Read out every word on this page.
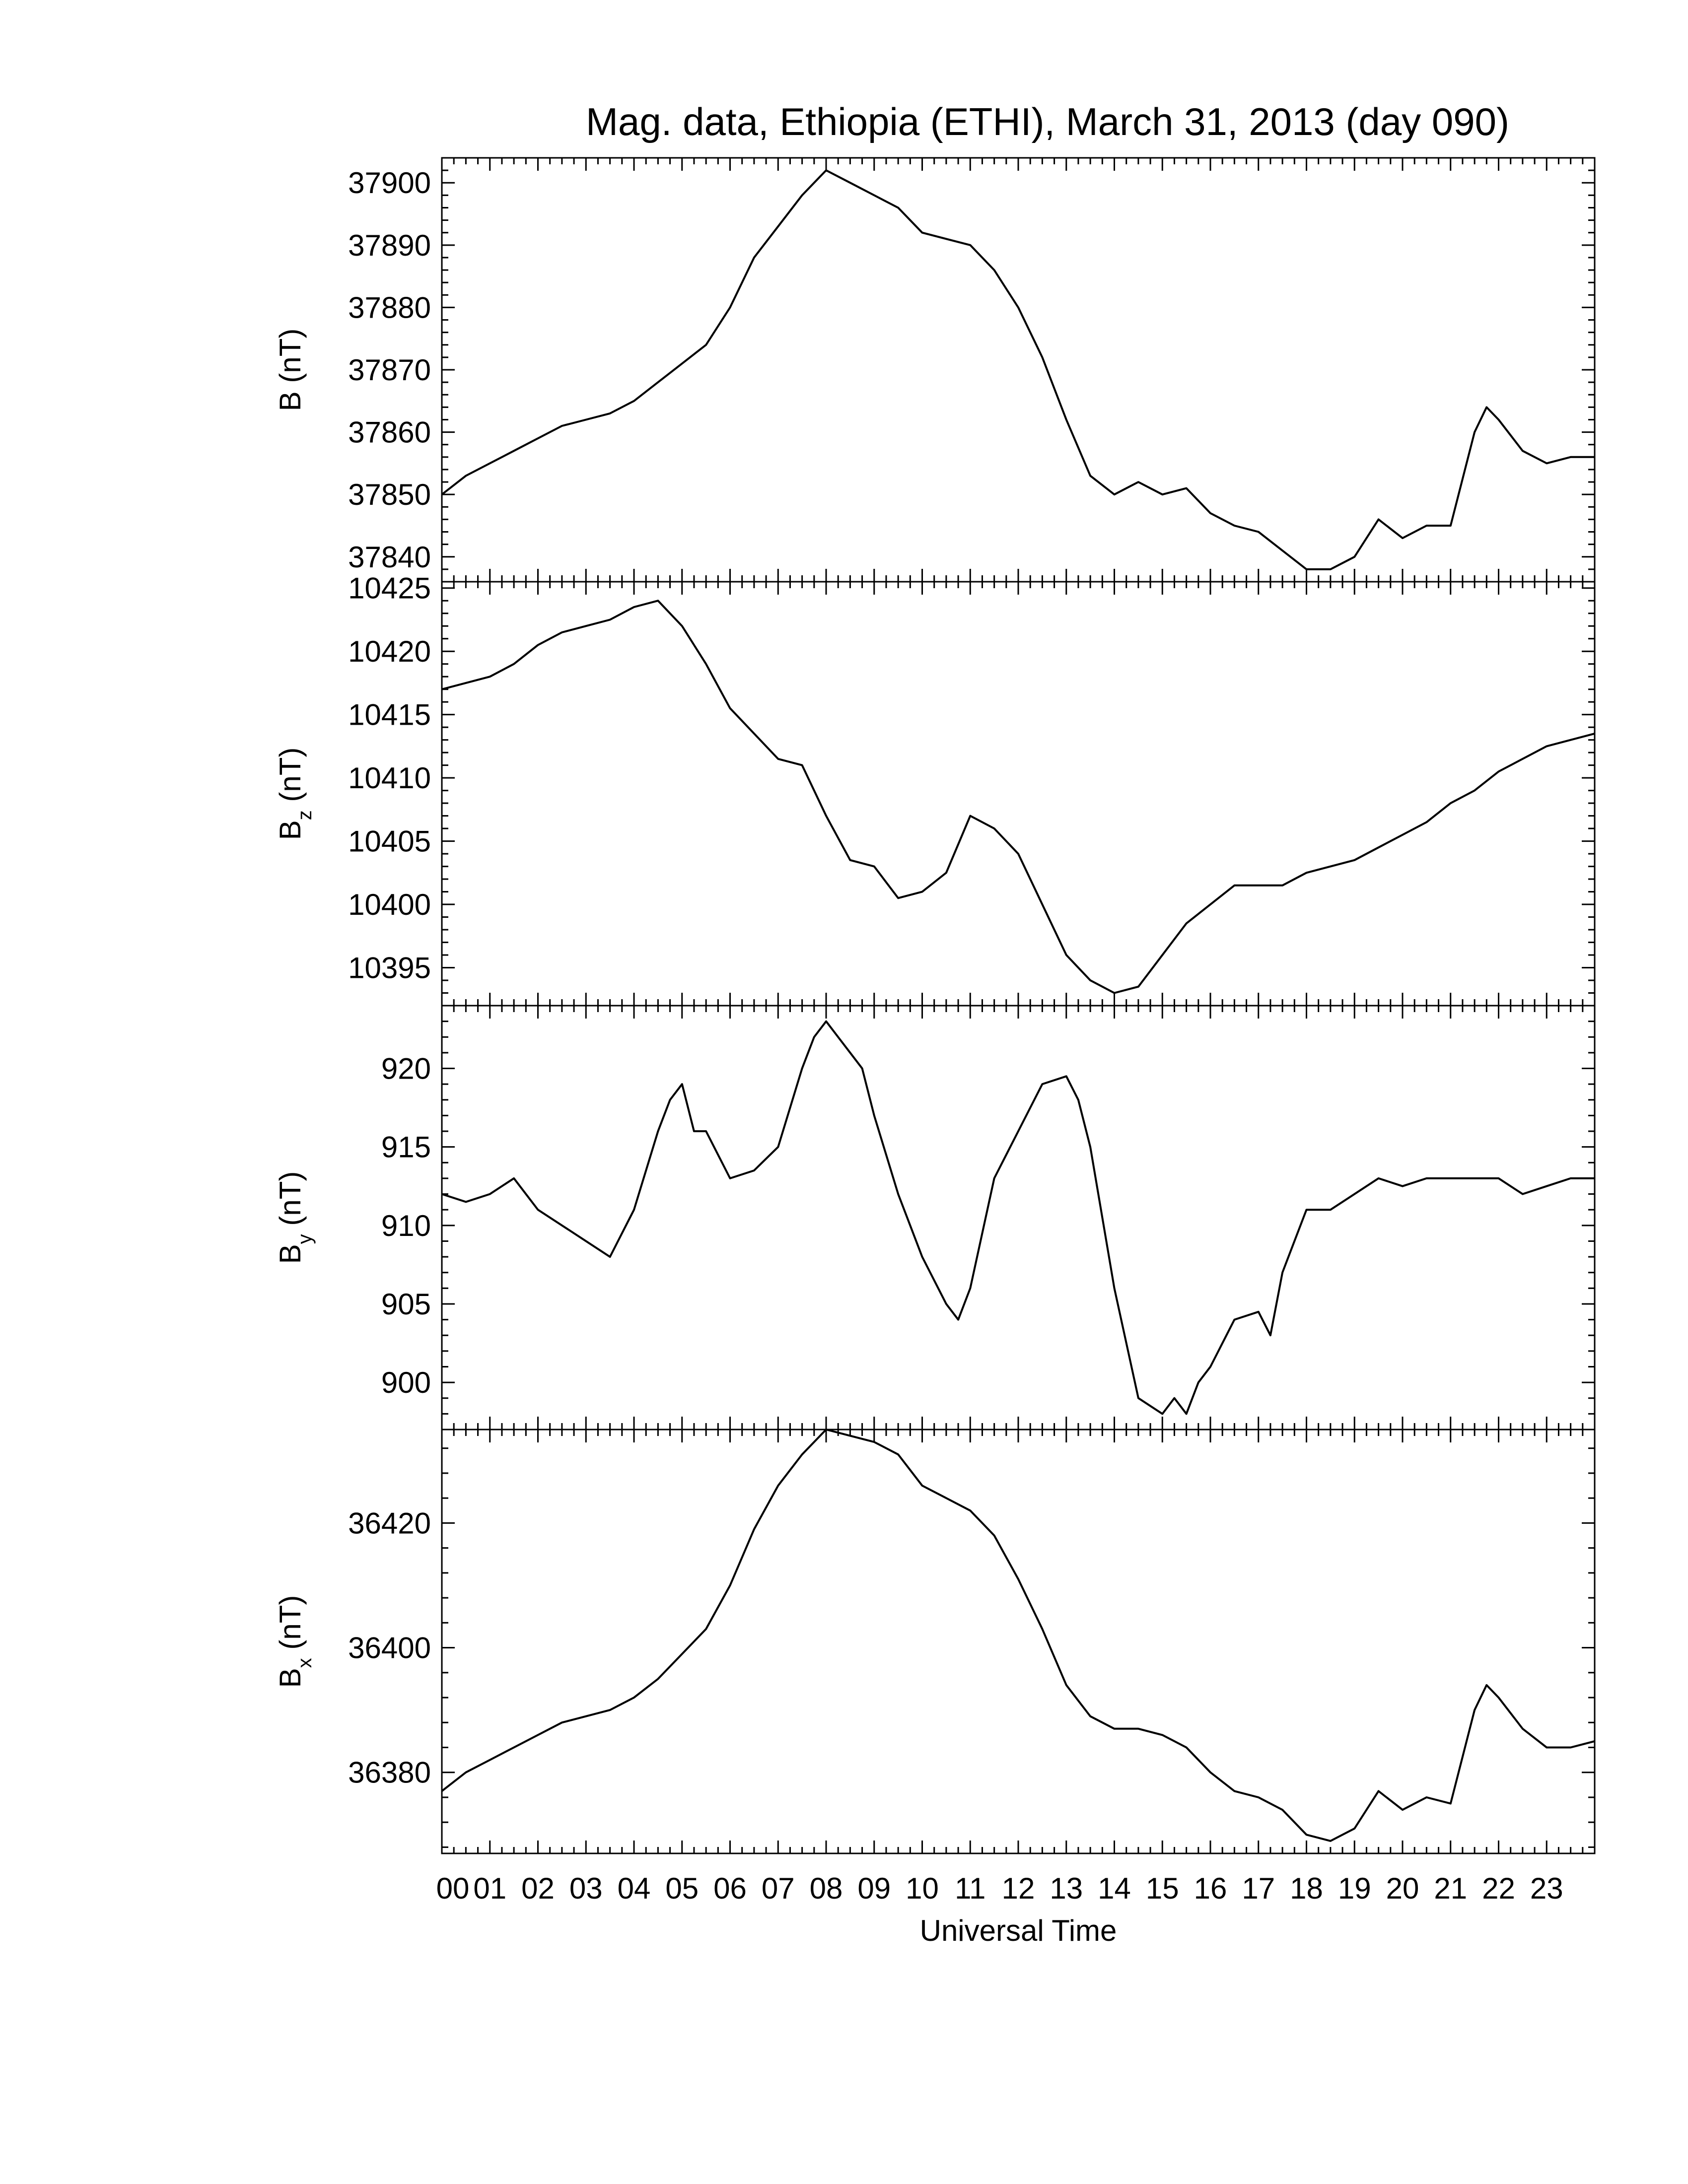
Mag. data, Ethiopia (ETHI), March 31, 2013 (day 090)
37840
37850
37860
37870
37880
37890
37900
B (nT)
10395
10400
10405
10410
10415
10420
10425
$B_z$ (nT)
900
905
910
915
920
$B_y$ (nT)
36380
36400
36420
$B_x$ (nT)
00 01 02 03 04 05 06 07 08 09 10 11 12 13 14 15 16 17 18 19 20 21 22 23
Universal Time
